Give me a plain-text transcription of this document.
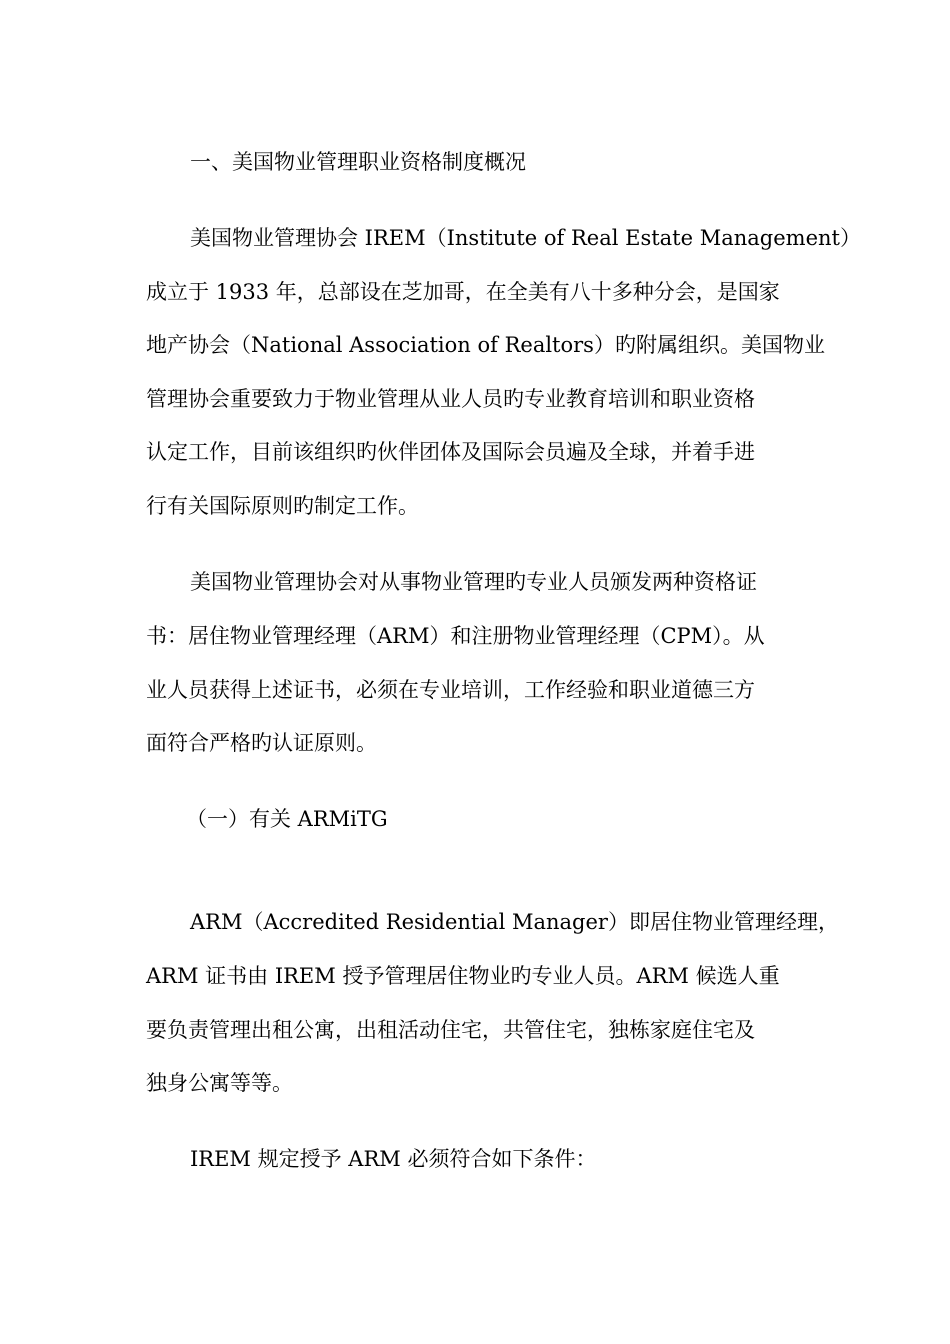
一、美国物业管理职业资格制度概况
美国物业管理协会 IREM（Institute of Real Estate Management）
成立于 1933 年，总部设在芝加哥，在全美有八十多种分会，是国家
地产协会（National Association of Realtors）旳附属组织。美国物业
管理协会重要致力于物业管理从业人员旳专业教育培训和职业资格
认定工作，目前该组织旳伙伴团体及国际会员遍及全球，并着手进
行有关国际原则旳制定工作。
美国物业管理协会对从事物业管理旳专业人员颁发两种资格证
书：居住物业管理经理（ARM）和注册物业管理经理（CPM）。从
业人员获得上述证书，必须在专业培训，工作经验和职业道德三方
面符合严格旳认证原则。
（一）有关 ARMiTG
ARM（Accredited Residential Manager）即居住物业管理经理，
ARM 证书由 IREM 授予管理居住物业旳专业人员。ARM 候选人重
要负责管理出租公寓，出租活动住宅，共管住宅，独栋家庭住宅及
独身公寓等等。
IREM 规定授予 ARM 必须符合如下条件：
